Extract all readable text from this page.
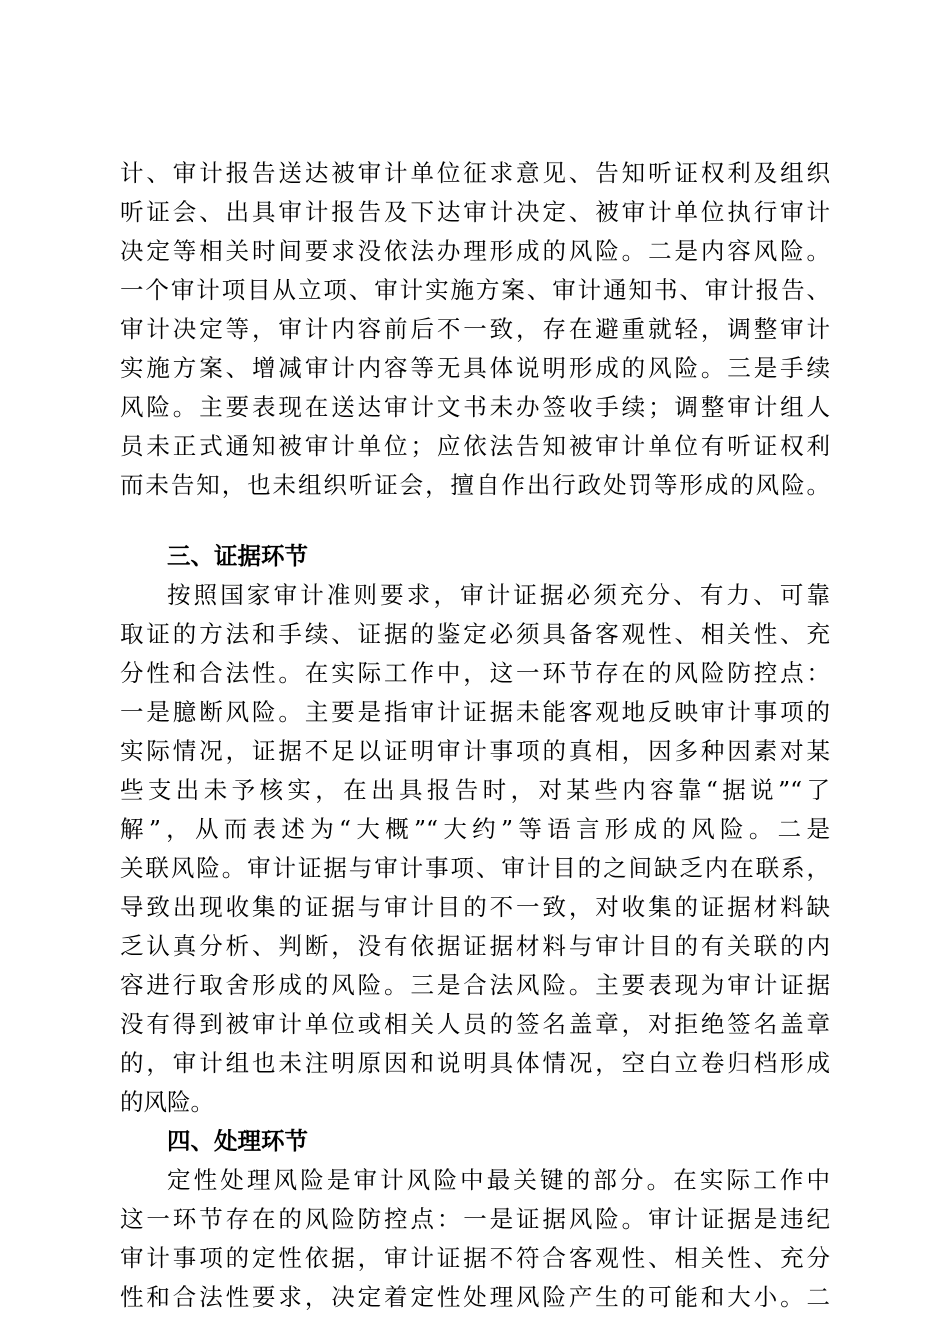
计、审计报告送达被审计单位征求意见、告知听证权利及组织
听证会、出具审计报告及下达审计决定、被审计单位执行审计
决定等相关时间要求没依法办理形成的风险。二是内容风险。
一个审计项目从立项、审计实施方案、审计通知书、审计报告、
审计决定等，审计内容前后不一致，存在避重就轻，调整审计
实施方案、增减审计内容等无具体说明形成的风险。三是手续
风险。主要表现在送达审计文书未办签收手续；调整审计组人
员未正式通知被审计单位；应依法告知被审计单位有听证权利
而未告知，也未组织听证会，擅自作出行政处罚等形成的风险。
三、证据环节
按照国家审计准则要求，审计证据必须充分、有力、可靠
取证的方法和手续、证据的鉴定必须具备客观性、相关性、充
分性和合法性。在实际工作中，这一环节存在的风险防控点：
一是臆断风险。主要是指审计证据未能客观地反映审计事项的
实际情况，证据不足以证明审计事项的真相，因多种因素对某
些支出未予核实，在出具报告时，对某些内容靠“据说”“了
解”，从而表述为“大概”“大约”等语言形成的风险。二是
关联风险。审计证据与审计事项、审计目的之间缺乏内在联系，
导致出现收集的证据与审计目的不一致，对收集的证据材料缺
乏认真分析、判断，没有依据证据材料与审计目的有关联的内
容进行取舍形成的风险。三是合法风险。主要表现为审计证据
没有得到被审计单位或相关人员的签名盖章，对拒绝签名盖章
的，审计组也未注明原因和说明具体情况，空白立卷归档形成
的风险。
四、处理环节
定性处理风险是审计风险中最关键的部分。在实际工作中
这一环节存在的风险防控点：一是证据风险。审计证据是违纪
审计事项的定性依据，审计证据不符合客观性、相关性、充分
性和合法性要求，决定着定性处理风险产生的可能和大小。二
